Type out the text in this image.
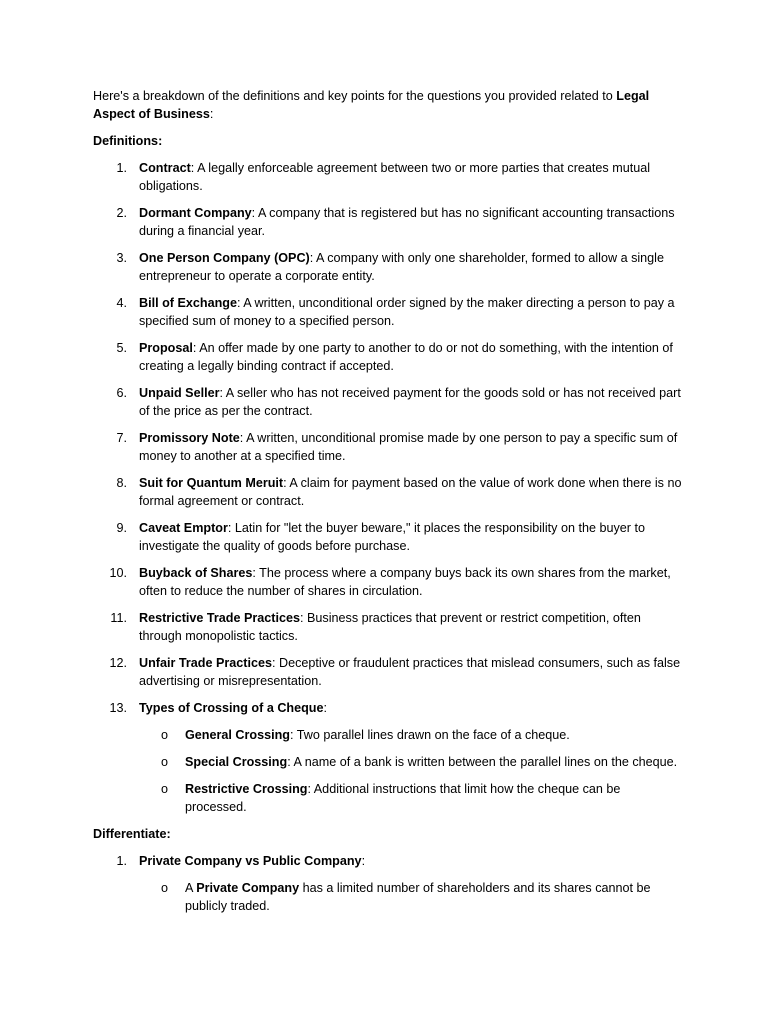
Here's a breakdown of the definitions and key points for the questions you provided related to Legal Aspect of Business:

Definitions:

1. Contract: A legally enforceable agreement between two or more parties that creates mutual obligations.
2. Dormant Company: A company that is registered but has no significant accounting transactions during a financial year.
3. One Person Company (OPC): A company with only one shareholder, formed to allow a single entrepreneur to operate a corporate entity.
4. Bill of Exchange: A written, unconditional order signed by the maker directing a person to pay a specified sum of money to a specified person.
5. Proposal: An offer made by one party to another to do or not do something, with the intention of creating a legally binding contract if accepted.
6. Unpaid Seller: A seller who has not received payment for the goods sold or has not received part of the price as per the contract.
7. Promissory Note: A written, unconditional promise made by one person to pay a specific sum of money to another at a specified time.
8. Suit for Quantum Meruit: A claim for payment based on the value of work done when there is no formal agreement or contract.
9. Caveat Emptor: Latin for "let the buyer beware," it places the responsibility on the buyer to investigate the quality of goods before purchase.
10. Buyback of Shares: The process where a company buys back its own shares from the market, often to reduce the number of shares in circulation.
11. Restrictive Trade Practices: Business practices that prevent or restrict competition, often through monopolistic tactics.
12. Unfair Trade Practices: Deceptive or fraudulent practices that mislead consumers, such as false advertising or misrepresentation.
13. Types of Crossing of a Cheque:
o General Crossing: Two parallel lines drawn on the face of a cheque.
o Special Crossing: A name of a bank is written between the parallel lines on the cheque.
o Restrictive Crossing: Additional instructions that limit how the cheque can be processed.

Differentiate:

1. Private Company vs Public Company:
o A Private Company has a limited number of shareholders and its shares cannot be publicly traded.
